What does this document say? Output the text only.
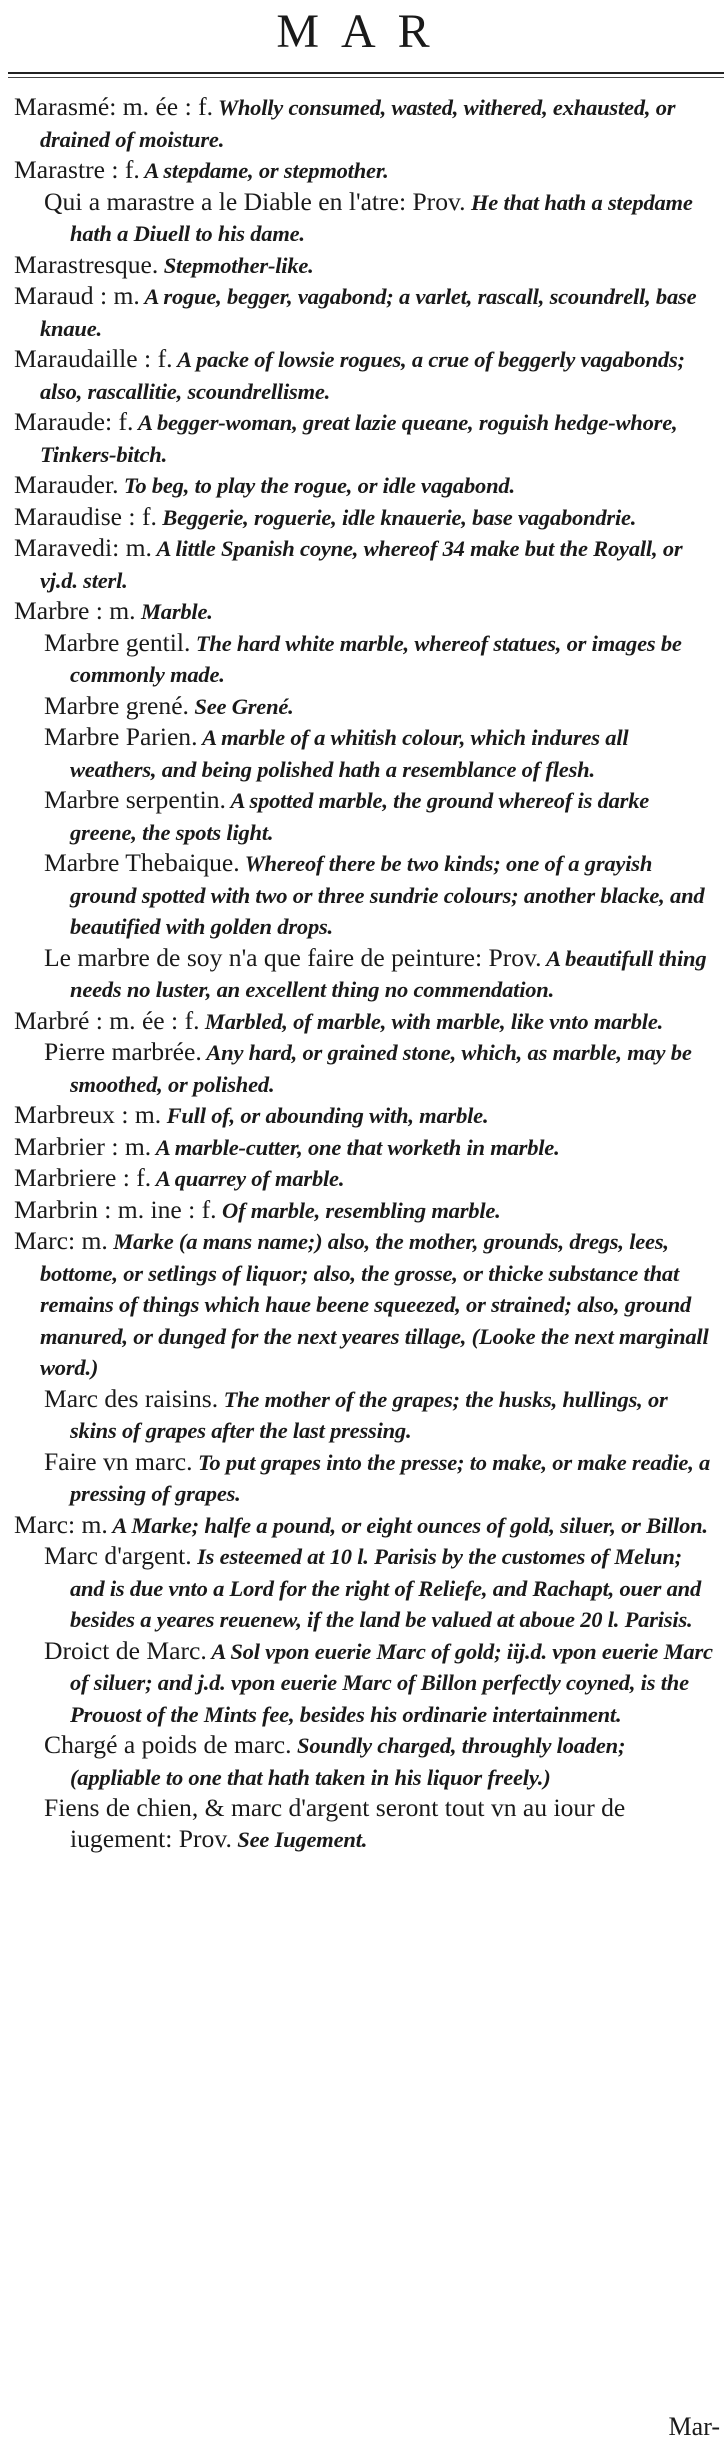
MAR
Marasmé: m. ée : f. Wholly consumed, wasted, withered, exhausted, or drained of moisture.
Marastre : f. A stepdame, or stepmother.
Qui a marastre a le Diable en l'atre: Prov. He that hath a stepdame hath a Diuell to his dame.
Marastresque. Stepmother-like.
Maraud : m. A rogue, begger, vagabond; a varlet, rascall, scoundrell, base knaue.
Maraudaille : f. A packe of lowsie rogues, a crue of beggerly vagabonds; also, rascallitie, scoundrellisme.
Maraude: f. A begger-woman, great lazie queane, roguish hedge-whore, Tinkers-bitch.
Marauder. To beg, to play the rogue, or idle vagabond.
Maraudise : f. Beggerie, roguerie, idle knauerie, base vagabondrie.
Maravedi: m. A little Spanish coyne, whereof 34 make but the Royall, or vj.d. sterl.
Marbre : m. Marble.
Marbre gentil. The hard white marble, whereof statues, or images be commonly made.
Marbre grené. See Grené.
Marbre Parien. A marble of a whitish colour, which indures all weathers, and being polished hath a resemblance of flesh.
Marbre serpentin. A spotted marble, the ground whereof is darke greene, the spots light.
Marbre Thebaique. Whereof there be two kinds; one of a grayish ground spotted with two or three sundrie colours; another blacke, and beautified with golden drops.
Le marbre de soy n'a que faire de peinture: Prov. A beautifull thing needs no luster, an excellent thing no commendation.
Marbré : m. ée : f. Marbled, of marble, with marble, like vnto marble.
Pierre marbrée. Any hard, or grained stone, which, as marble, may be smoothed, or polished.
Marbreux : m. Full of, or abounding with, marble.
Marbrier : m. A marble-cutter, one that worketh in marble.
Marbriere : f. A quarrey of marble.
Marbrin : m. ine : f. Of marble, resembling marble.
Marc: m. Marke (a mans name;) also, the mother, grounds, dregs, lees, bottome, or setlings of liquor; also, the grosse, or thicke substance that remains of things which haue beene squeezed, or strained; also, ground manured, or dunged for the next yeares tillage, (Looke the next marginall word.)
Marc des raisins. The mother of the grapes; the husks, hullings, or skins of grapes after the last pressing.
Faire vn marc. To put grapes into the presse; to make, or make readie, a pressing of grapes.
Marc: m. A Marke; halfe a pound, or eight ounces of gold, siluer, or Billon.
Marc d'argent. Is esteemed at 10 l. Parisis by the customes of Melun; and is due vnto a Lord for the right of Reliefe, and Rachapt, ouer and besides a yeares reuenew, if the land be valued at aboue 20 l. Parisis.
Droict de Marc. A Sol vpon euerie Marc of gold; iij.d. vpon euerie Marc of siluer; and j.d. vpon euerie Marc of Billon perfectly coyned, is the Prouost of the Mints fee, besides his ordinarie intertainment.
Chargé a poids de marc. Soundly charged, throughly loaden; (appliable to one that hath taken in his liquor freely.)
Fiens de chien, & marc d'argent seront tout vn au iour de iugement: Prov. See Iugement.
Mar-
